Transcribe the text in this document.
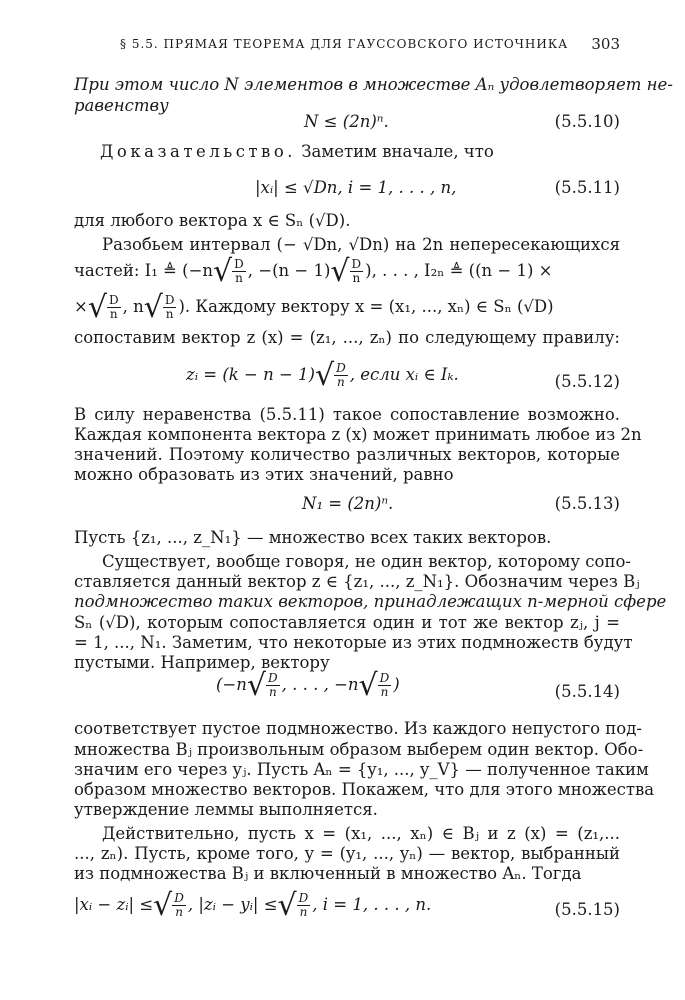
§ 5.5. ПРЯМАЯ ТЕОРЕМА ДЛЯ ГАУССОВСКОГО ИСТОЧНИКА 303
При этом число N элементов в множестве Aₙ удовлетворяет не-
равенству
N ≤ (2n)ⁿ.	(5.5.10)
Доказательство. Заметим вначале, что
|xᵢ| ≤ √Dn, i = 1, . . . , n,	(5.5.11)
для любого вектора x ∈ Sₙ (√D).
Разобьем интервал (− √Dn, √Dn) на 2n непересекающихся
частей: I₁ ≜ ($-n√ \frac{D}{n}$ , $-(n - 1)√ \frac{D}{n}$ ), . . . , I₂ₙ ≜ ((n − 1) ×
×√ $\frac{D}{n}$ , $n√ \frac{D}{n}$ ). Каждому вектору x = (x₁, ..., xₙ) ∈ Sₙ (√D)
сопоставим вектор z (x) = (z₁, ..., zₙ) по следующему правилу:
zᵢ = $(k - n - 1)√ \frac{D}{n}$ , если xᵢ ∈ Iₖ.	(5.5.12)
В силу неравенства (5.5.11) такое сопоставление возможно.
Каждая компонента вектора z (x) может принимать любое из 2n
значений. Поэтому количество различных векторов, которые
можно образовать из этих значений, равно
N₁ = (2n)ⁿ.	(5.5.13)
Пусть {z₁, ..., z_N₁} — множество всех таких векторов.
Существует, вообще говоря, не один вектор, которому сопо-
ставляется данный вектор z ∈ {z₁, ..., z_N₁}. Обозначим через Bⱼ
подмножество таких векторов, принадлежащих n-мерной сфере
Sₙ (√D), которым сопоставляется один и тот же вектор zⱼ, j =
= 1, ..., N₁. Заметим, что некоторые из этих подмножеств будут
пустыми. Например, вектору
($-n√ \frac{D}{n}$ , . . . , $-n√ \frac{D}{n}$ )	(5.5.14)
соответствует пустое подмножество. Из каждого непустого под-
множества Bⱼ произвольным образом выберем один вектор. Обо-
значим его через yⱼ. Пусть Aₙ = {y₁, ..., y_V} — полученное таким
образом множество векторов. Покажем, что для этого множества
утверждение леммы выполняется.
Действительно, пусть x = (x₁, ..., xₙ) ∈ Bⱼ и z (x) = (z₁,...
..., zₙ). Пусть, кроме того, y = (y₁, ..., yₙ) — вектор, выбранный
из подмножества Bⱼ и включенный в множество Aₙ. Тогда
|xᵢ − zᵢ| ≤√ $\frac{D}{n}$ , |zᵢ − yᵢ| ≤√ $\frac{D}{n}$ , i = 1, . . . , n.	(5.5.15)
